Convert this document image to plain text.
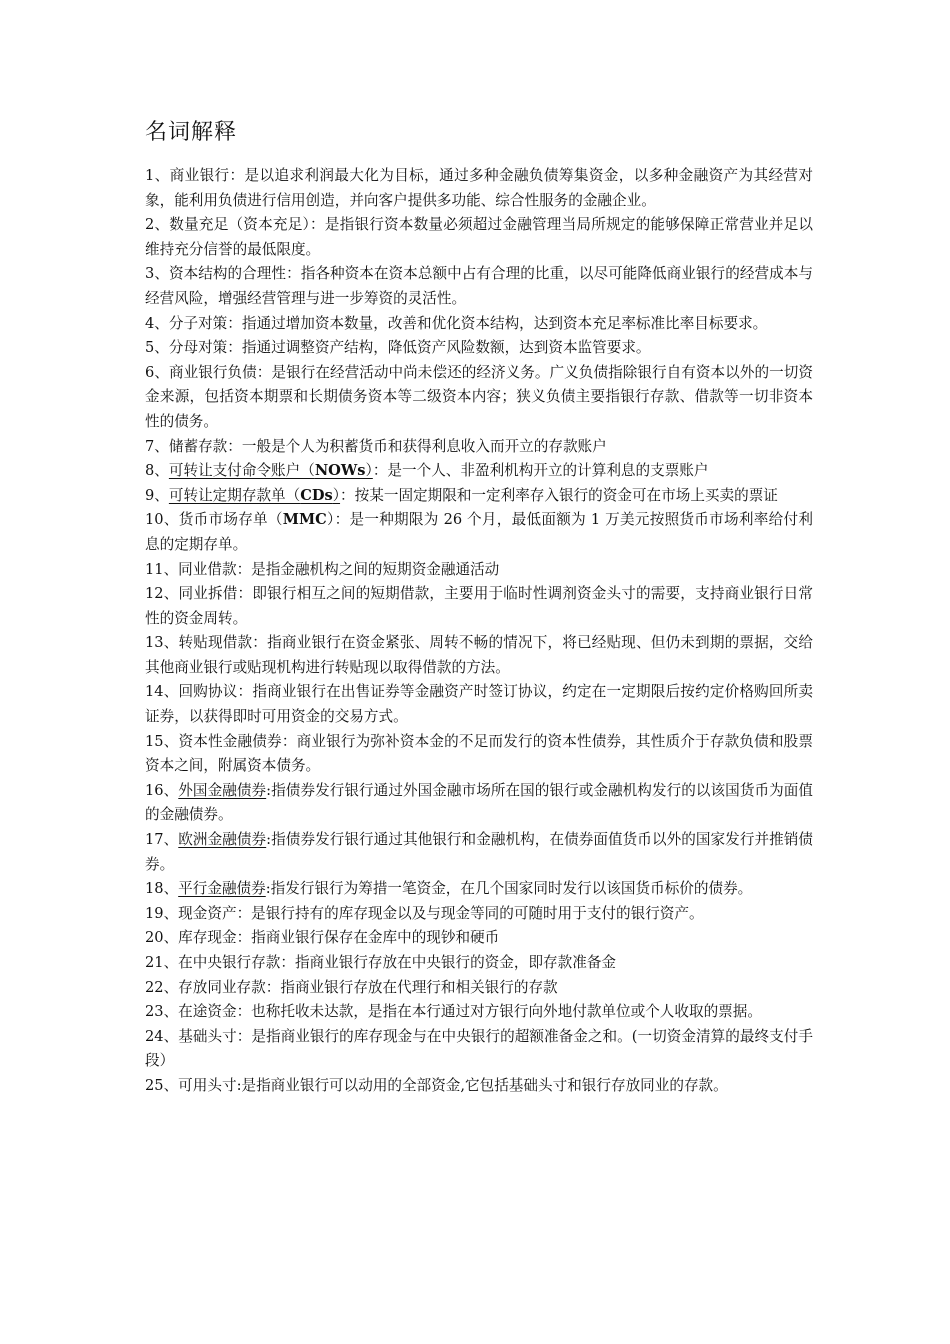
名词解释

1、商业银行：是以追求利润最大化为目标，通过多种金融负债筹集资金，以多种金融资产为其经营对象，能利用负债进行信用创造，并向客户提供多功能、综合性服务的金融企业。

2、数量充足（资本充足）：是指银行资本数量必须超过金融管理当局所规定的能够保障正常营业并足以维持充分信誉的最低限度。

3、资本结构的合理性：指各种资本在资本总额中占有合理的比重，以尽可能降低商业银行的经营成本与经营风险，增强经营管理与进一步筹资的灵活性。

4、分子对策：指通过增加资本数量，改善和优化资本结构，达到资本充足率标准比率目标要求。

5、分母对策：指通过调整资产结构，降低资产风险数额，达到资本监管要求。

6、商业银行负债：是银行在经营活动中尚未偿还的经济义务。广义负债指除银行自有资本以外的一切资金来源，包括资本期票和长期债务资本等二级资本内容；狭义负债主要指银行存款、借款等一切非资本性的债务。

7、储蓄存款：一般是个人为积蓄货币和获得利息收入而开立的存款账户

8、可转让支付命令账户（NOWs）：是一个人、非盈利机构开立的计算利息的支票账户

9、可转让定期存款单（CDs）：按某一固定期限和一定利率存入银行的资金可在市场上买卖的票证

10、货币市场存单（MMC）：是一种期限为 26 个月，最低面额为 1 万美元按照货币市场利率给付利息的定期存单。

11、同业借款：是指金融机构之间的短期资金融通活动

12、同业拆借：即银行相互之间的短期借款，主要用于临时性调剂资金头寸的需要，支持商业银行日常性的资金周转。

13、转贴现借款：指商业银行在资金紧张、周转不畅的情况下，将已经贴现、但仍未到期的票据，交给其他商业银行或贴现机构进行转贴现以取得借款的方法。

14、回购协议：指商业银行在出售证券等金融资产时签订协议，约定在一定期限后按约定价格购回所卖证券，以获得即时可用资金的交易方式。

15、资本性金融债券：商业银行为弥补资本金的不足而发行的资本性债券，其性质介于存款负债和股票资本之间，附属资本债务。

16、外国金融债券:指债券发行银行通过外国金融市场所在国的银行或金融机构发行的以该国货币为面值的金融债券。

17、欧洲金融债券:指债券发行银行通过其他银行和金融机构，在债券面值货币以外的国家发行并推销债券。

18、平行金融债券:指发行银行为筹措一笔资金，在几个国家同时发行以该国货币标价的债券。

19、现金资产：是银行持有的库存现金以及与现金等同的可随时用于支付的银行资产。

20、库存现金：指商业银行保存在金库中的现钞和硬币

21、在中央银行存款：指商业银行存放在中央银行的资金，即存款准备金

22、存放同业存款：指商业银行存放在代理行和相关银行的存款

23、在途资金：也称托收未达款，是指在本行通过对方银行向外地付款单位或个人收取的票据。

24、基础头寸：是指商业银行的库存现金与在中央银行的超额准备金之和。(一切资金清算的最终支付手段）

25、可用头寸:是指商业银行可以动用的全部资金,它包括基础头寸和银行存放同业的存款。
